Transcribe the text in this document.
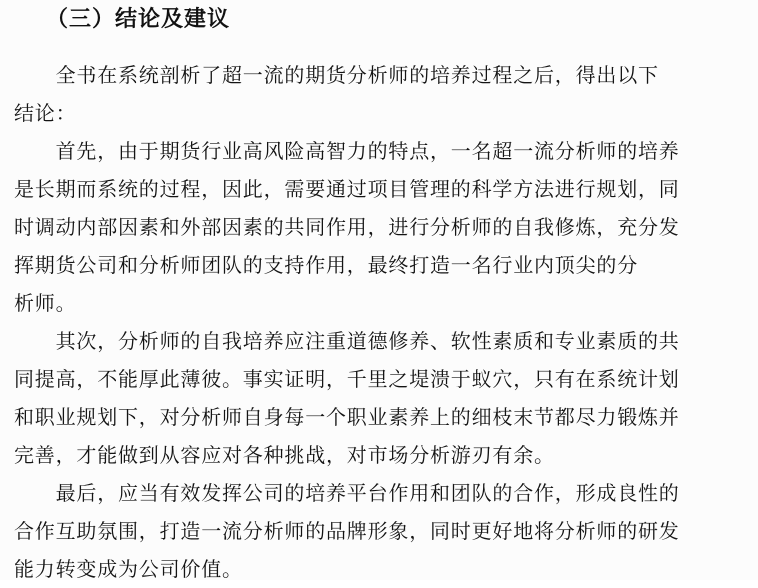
（三）结论及建议

　　全书在系统剖析了超一流的期货分析师的培养过程之后，得出以下
结论：

　　首先，由于期货行业高风险高智力的特点，一名超一流分析师的培养
是长期而系统的过程，因此，需要通过项目管理的科学方法进行规划，同
时调动内部因素和外部因素的共同作用，进行分析师的自我修炼，充分发
挥期货公司和分析师团队的支持作用，最终打造一名行业内顶尖的分
析师。

　　其次，分析师的自我培养应注重道德修养、软性素质和专业素质的共
同提高，不能厚此薄彼。事实证明，千里之堤溃于蚁穴，只有在系统计划
和职业规划下，对分析师自身每一个职业素养上的细枝末节都尽力锻炼并
完善，才能做到从容应对各种挑战，对市场分析游刃有余。

　　最后，应当有效发挥公司的培养平台作用和团队的合作，形成良性的
合作互助氛围，打造一流分析师的品牌形象，同时更好地将分析师的研发
能力转变成为公司价值。
